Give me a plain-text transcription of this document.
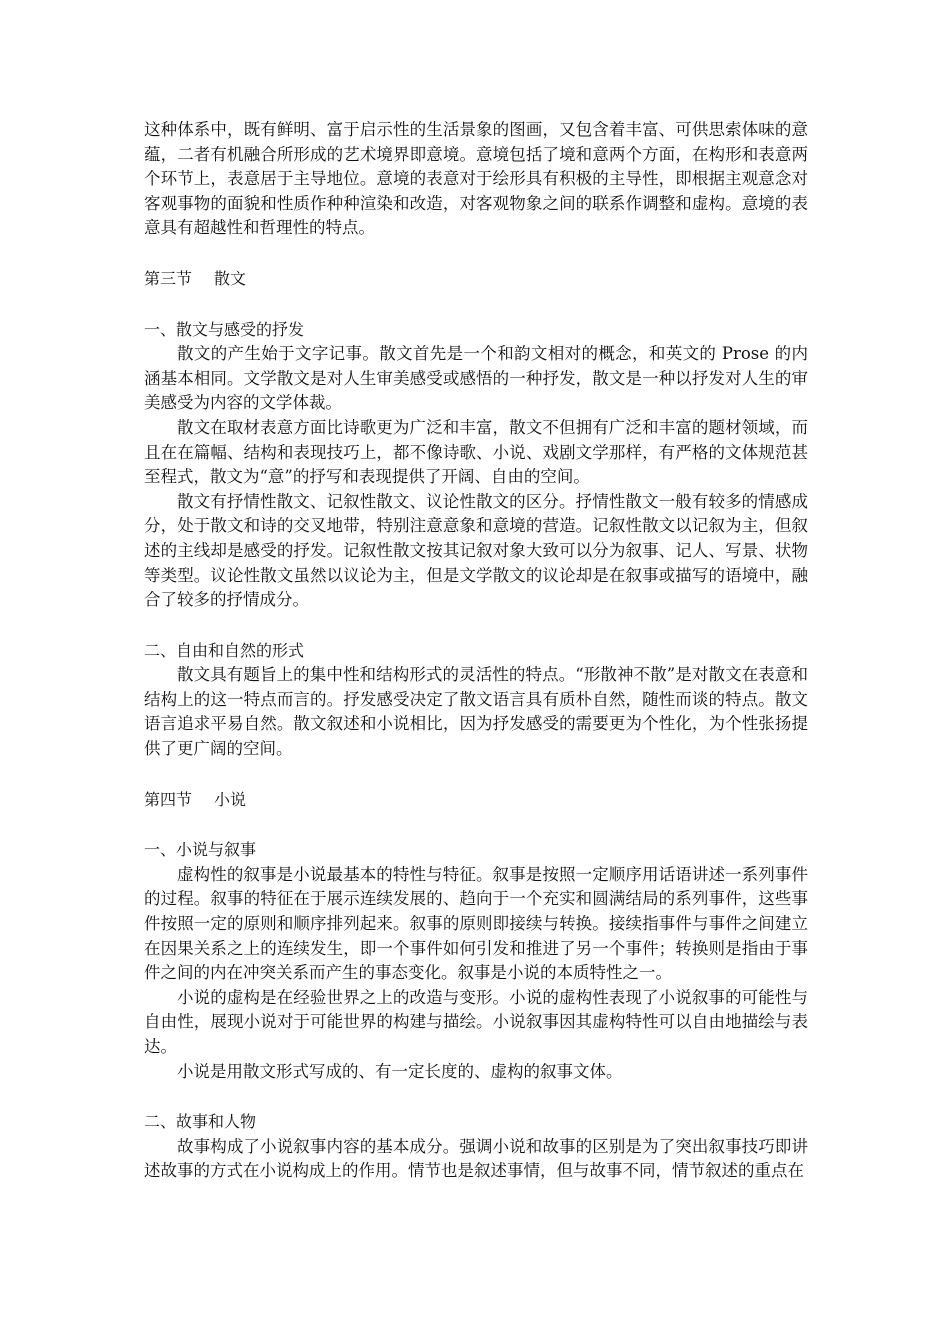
这种体系中，既有鲜明、富于启示性的生活景象的图画，又包含着丰富、可供思索体味的意蕴，二者有机融合所形成的艺术境界即意境。意境包括了境和意两个方面，在构形和表意两个环节上，表意居于主导地位。意境的表意对于绘形具有积极的主导性，即根据主观意念对客观事物的面貌和性质作种种渲染和改造，对客观物象之间的联系作调整和虚构。意境的表意具有超越性和哲理性的特点。

第三节 散文
一、散文与感受的抒发

散文的产生始于文字记事。散文首先是一个和韵文相对的概念，和英文的 Prose 的内涵基本相同。文学散文是对人生审美感受或感悟的一种抒发，散文是一种以抒发对人生的审美感受为内容的文学体裁。

散文在取材表意方面比诗歌更为广泛和丰富，散文不但拥有广泛和丰富的题材领域，而且在在篇幅、结构和表现技巧上，都不像诗歌、小说、戏剧文学那样，有严格的文体规范甚至程式，散文为“意”的抒写和表现提供了开阔、自由的空间。

散文有抒情性散文、记叙性散文、议论性散文的区分。抒情性散文一般有较多的情感成分，处于散文和诗的交叉地带，特别注意意象和意境的营造。记叙性散文以记叙为主，但叙述的主线却是感受的抒发。记叙性散文按其记叙对象大致可以分为叙事、记人、写景、状物等类型。议论性散文虽然以议论为主，但是文学散文的议论却是在叙事或描写的语境中，融合了较多的抒情成分。

二、自由和自然的形式

散文具有题旨上的集中性和结构形式的灵活性的特点。“形散神不散”是对散文在表意和结构上的这一特点而言的。抒发感受决定了散文语言具有质朴自然，随性而谈的特点。散文语言追求平易自然。散文叙述和小说相比，因为抒发感受的需要更为个性化，为个性张扬提供了更广阔的空间。

第四节 小说
一、小说与叙事

虚构性的叙事是小说最基本的特性与特征。叙事是按照一定顺序用话语讲述一系列事件的过程。叙事的特征在于展示连续发展的、趋向于一个充实和圆满结局的系列事件，这些事件按照一定的原则和顺序排列起来。叙事的原则即接续与转换。接续指事件与事件之间建立在因果关系之上的连续发生，即一个事件如何引发和推进了另一个事件；转换则是指由于事件之间的内在冲突关系而产生的事态变化。叙事是小说的本质特性之一。

小说的虚构是在经验世界之上的改造与变形。小说的虚构性表现了小说叙事的可能性与自由性，展现小说对于可能世界的构建与描绘。小说叙事因其虚构特性可以自由地描绘与表达。

小说是用散文形式写成的、有一定长度的、虚构的叙事文体。

二、故事和人物

故事构成了小说叙事内容的基本成分。强调小说和故事的区别是为了突出叙事技巧即讲述故事的方式在小说构成上的作用。情节也是叙述事情，但与故事不同，情节叙述的重点在
